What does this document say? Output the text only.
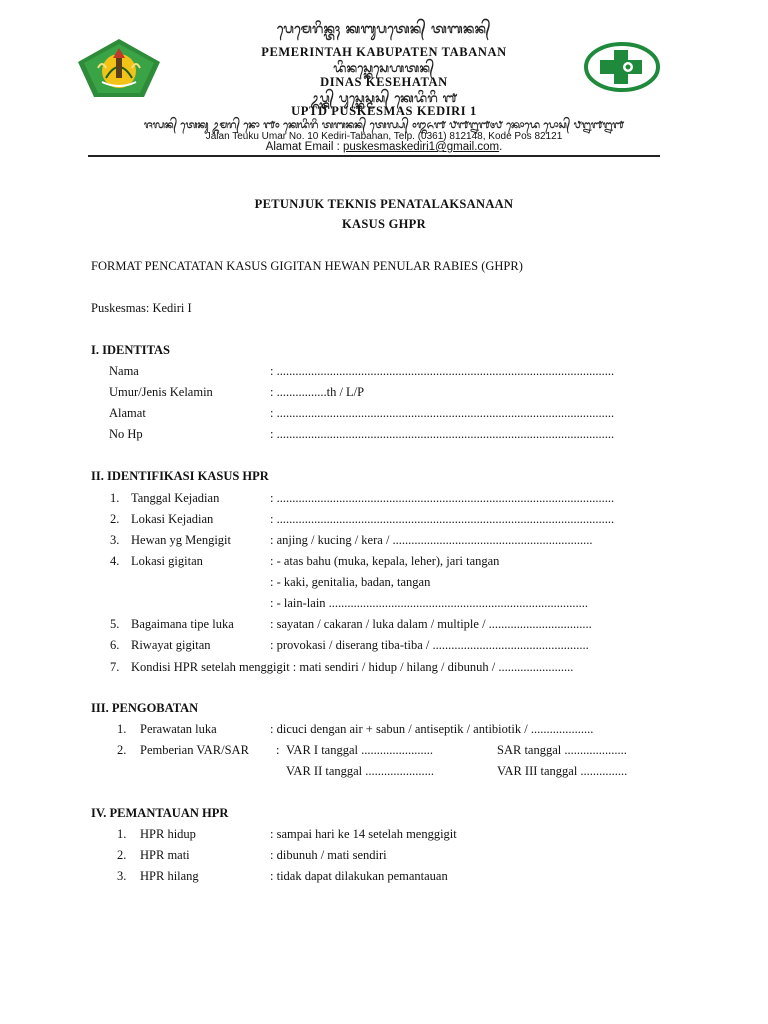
ᬧᬾᬫᬾᬭᬶᬦ᭄ᬢᬄ ᬓᬩᬸᬧᬢᬾᬦ᭄ ᬢᬩᬦᬦ᭄
PEMERINTAH KABUPATEN TABANAN
ᬤᬶᬦᬲ᭄ᬓᬾᬲᬾᬳᬢᬦ᭄
DINAS KESEHATAN
ᬉᬧ᭄ᬢ᭄ᬤ᭄ ᬧᬸᬲ᭄ᬓᬾᬲ᭄ᬫᬲ᭄ ᬓᬾᬤᬶᬭᬶ ᭑
UPTD PUSKESMAS KEDIRI 1
ᬚᬮᬦ᭄ ᬢᬾᬓᬸ ᬉᬫᬭ᭄ ᬦᭀ ᭑᭐ ᬓᬾᬤᬶᬭᬶ ᬢᬩᬦᬦ᭄ ᬢᬾᬮ᭄ᬧ᭄ ᭐᭓᭖᭑ ᭘᭑᭒᭑᭔᭘ ᬓᭀᬤᬾ ᬧᭀᬲ᭄ ᭘᭒᭑᭒᭑
Jalan Teuku Umar No. 10 Kediri-Tabanan, Telp. (0361) 812148, Kode Pos 82121
Alamat Email : puskesmaskediri1@gmail.com.
PETUNJUK TEKNIS PENATALAKSANAAN
KASUS GHPR
FORMAT PENCATATAN KASUS GIGITAN HEWAN PENULAR RABIES (GHPR)
Puskesmas: Kediri I
I. IDENTITAS
Nama	: ............................................................................................................
Umur/Jenis Kelamin	: ................th / L/P
Alamat	: ............................................................................................................
No Hp	: ............................................................................................................
II. IDENTIFIKASI KASUS HPR
1. Tanggal Kejadian	: ............................................................................................................
2. Lokasi Kejadian	: ............................................................................................................
3. Hewan yg Mengigit	: anjing / kucing / kera / ................................................................
4. Lokasi gigitan	: - atas bahu (muka, kepala, leher), jari tangan
: - kaki, genitalia, badan, tangan
: - lain-lain ...................................................................................
5. Bagaimana tipe luka	: sayatan / cakaran / luka dalam / multiple / .................................
6. Riwayat gigitan	: provokasi / diserang tiba-tiba / ..................................................
7. Kondisi HPR setelah menggigit : mati sendiri / hidup / hilang / dibunuh / ........................
III. PENGOBATAN
1. Perawatan luka	: dicuci dengan air + sabun / antiseptik / antibiotik / ....................
2. Pemberian VAR/SAR : VAR I tanggal .......................	SAR tanggal ....................
VAR II tanggal ......................	VAR III tanggal ...............
IV. PEMANTAUAN HPR
1. HPR hidup	: sampai hari ke 14 setelah menggigit
2. HPR mati	: dibunuh / mati sendiri
3. HPR hilang	: tidak dapat dilakukan pemantauan
